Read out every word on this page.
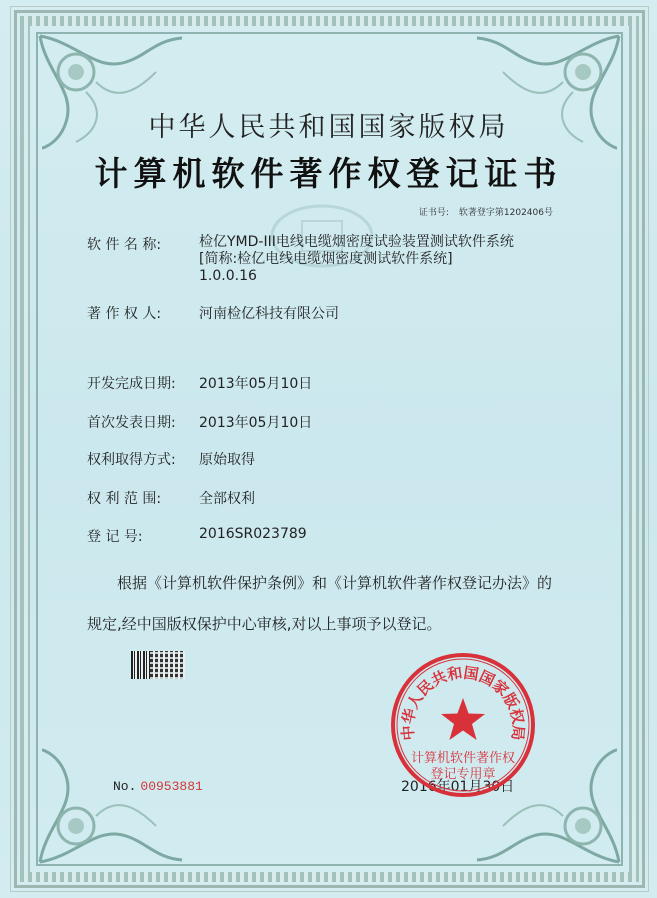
中华人民共和国国家版权局
计算机软件著作权登记证书
证书号: 软著登字第1202406号
软 件 名 称:	检亿YMD-III电线电缆烟密度试验装置测试软件系统
[简称:检亿电线电缆烟密度测试软件系统]
1.0.0.16
著 作 权 人:	河南检亿科技有限公司
开发完成日期: 2013年05月10日
首次发表日期: 2013年05月10日
权利取得方式: 原始取得
权 利 范 围:	全部权利
登 记 号:	2016SR023789
根据《计算机软件保护条例》和《计算机软件著作权登记办法》的
规定,经中国版权保护中心审核,对以上事项予以登记。
No. 00953881	2016年01月30日
中华人民共和国国家版权局
计算机软件著作权
登记专用章
